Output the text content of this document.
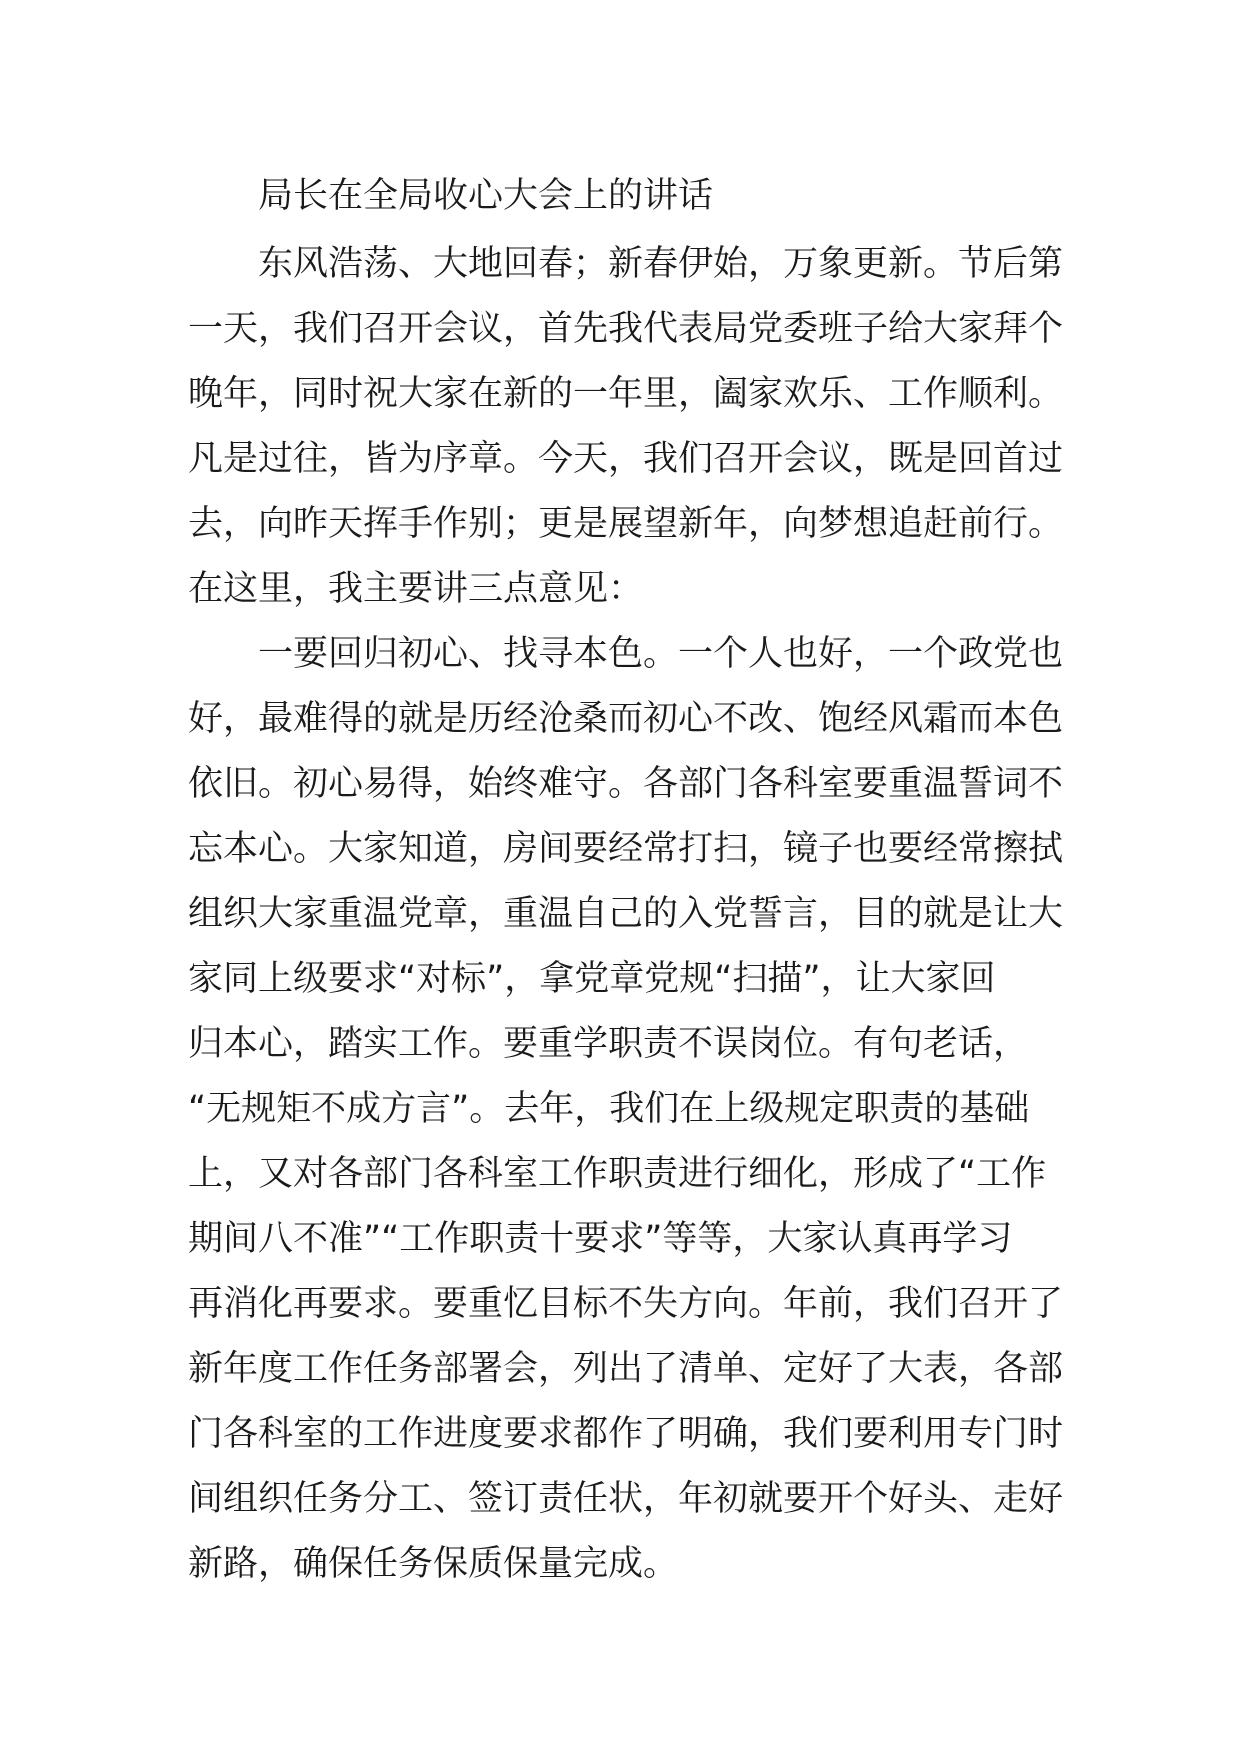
局长在全局收心大会上的讲话
东风浩荡、大地回春；新春伊始，万象更新。节后第
一天，我们召开会议，首先我代表局党委班子给大家拜个
晚年，同时祝大家在新的一年里，阖家欢乐、工作顺利。
凡是过往，皆为序章。今天，我们召开会议，既是回首过
去，向昨天挥手作别；更是展望新年，向梦想追赶前行。
在这里，我主要讲三点意见：
一要回归初心、找寻本色。一个人也好，一个政党也
好，最难得的就是历经沧桑而初心不改、饱经风霜而本色
依旧。初心易得，始终难守。各部门各科室要重温誓词不
忘本心。大家知道，房间要经常打扫，镜子也要经常擦拭
组织大家重温党章，重温自己的入党誓言，目的就是让大
家同上级要求“对标”，拿党章党规“扫描”，让大家回
归本心，踏实工作。要重学职责不误岗位。有句老话，
“无规矩不成方言”。去年，我们在上级规定职责的基础
上，又对各部门各科室工作职责进行细化，形成了“工作
期间八不准”“工作职责十要求”等等，大家认真再学习
再消化再要求。要重忆目标不失方向。年前，我们召开了
新年度工作任务部署会，列出了清单、定好了大表，各部
门各科室的工作进度要求都作了明确，我们要利用专门时
间组织任务分工、签订责任状，年初就要开个好头、走好
新路，确保任务保质保量完成。
